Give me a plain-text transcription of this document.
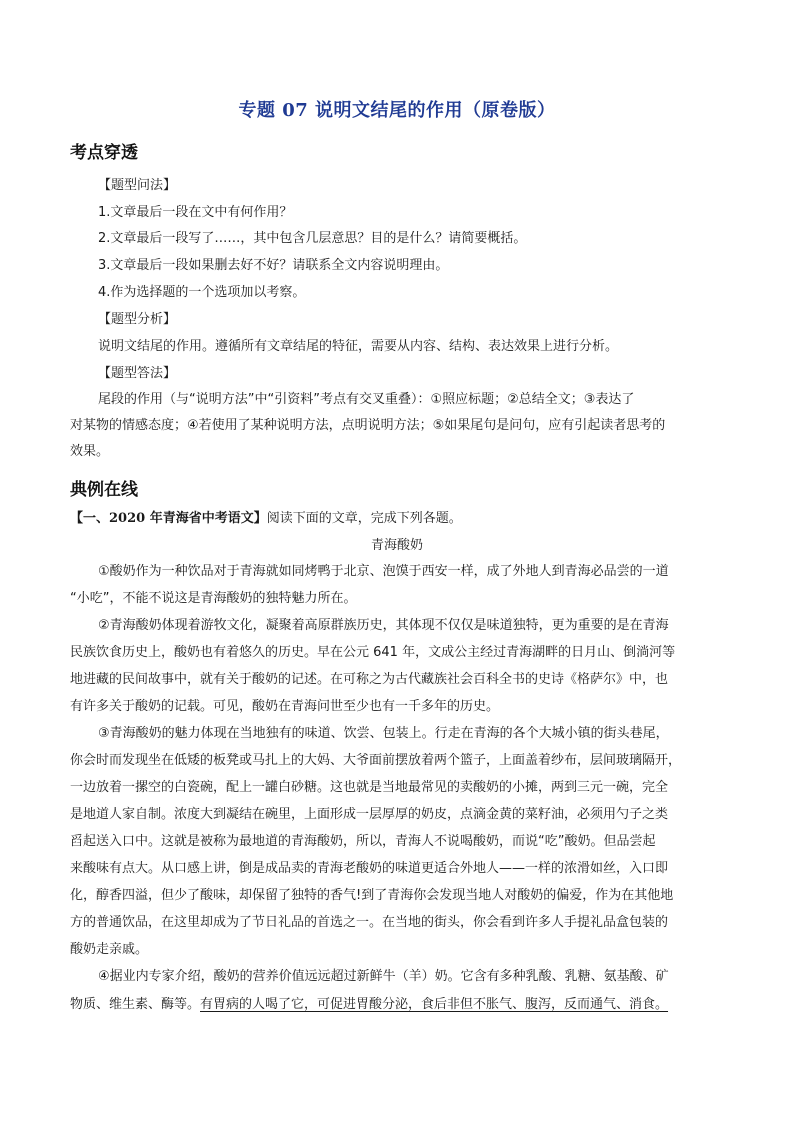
专题 07 说明文结尾的作用（原卷版）
考点穿透
【题型问法】
1.文章最后一段在文中有何作用？
2.文章最后一段写了……，其中包含几层意思？目的是什么？请简要概括。
3.文章最后一段如果删去好不好？请联系全文内容说明理由。
4.作为选择题的一个选项加以考察。
【题型分析】
说明文结尾的作用。遵循所有文章结尾的特征，需要从内容、结构、表达效果上进行分析。
【题型答法】
尾段的作用（与“说明方法”中“引资料”考点有交叉重叠）：①照应标题；②总结全文；③表达了
对某物的情感态度；④若使用了某种说明方法，点明说明方法；⑤如果尾句是问句，应有引起读者思考的
效果。
典例在线
【一、2020 年青海省中考语文】阅读下面的文章，完成下列各题。
青海酸奶
①酸奶作为一种饮品对于青海就如同烤鸭于北京、泡馍于西安一样，成了外地人到青海必品尝的一道
“小吃”，不能不说这是青海酸奶的独特魅力所在。
②青海酸奶体现着游牧文化，凝聚着高原群族历史，其体现不仅仅是味道独特，更为重要的是在青海
民族饮食历史上，酸奶也有着悠久的历史。早在公元 641 年，文成公主经过青海湖畔的日月山、倒淌河等
地进藏的民间故事中，就有关于酸奶的记述。在可称之为古代藏族社会百科全书的史诗《格萨尔》中，也
有许多关于酸奶的记载。可见，酸奶在青海问世至少也有一千多年的历史。
③青海酸奶的魅力体现在当地独有的味道、饮尝、包装上。行走在青海的各个大城小镇的街头巷尾，
你会时而发现坐在低矮的板凳或马扎上的大妈、大爷面前摆放着两个篮子，上面盖着纱布，层间玻璃隔开，
一边放着一摞空的白瓷碗，配上一罐白砂糖。这也就是当地最常见的卖酸奶的小摊，两到三元一碗，完全
是地道人家自制。浓度大到凝结在碗里，上面形成一层厚厚的奶皮，点滴金黄的菜籽油，必须用勺子之类
舀起送入口中。这就是被称为最地道的青海酸奶，所以，青海人不说喝酸奶，而说“吃”酸奶。但品尝起
来酸味有点大。从口感上讲，倒是成品卖的青海老酸奶的味道更适合外地人——一样的浓滑如丝，入口即
化，醇香四溢，但少了酸味，却保留了独特的香气!到了青海你会发现当地人对酸奶的偏爱，作为在其他地
方的普通饮品，在这里却成为了节日礼品的首选之一。在当地的街头，你会看到许多人手提礼品盒包装的
酸奶走亲戚。
④据业内专家介绍，酸奶的营养价值远远超过新鲜牛（羊）奶。它含有多种乳酸、乳糖、氨基酸、矿
物质、维生素、酶等。有胃病的人喝了它，可促进胃酸分泌，食后非但不胀气、腹泻，反而通气、消食。
